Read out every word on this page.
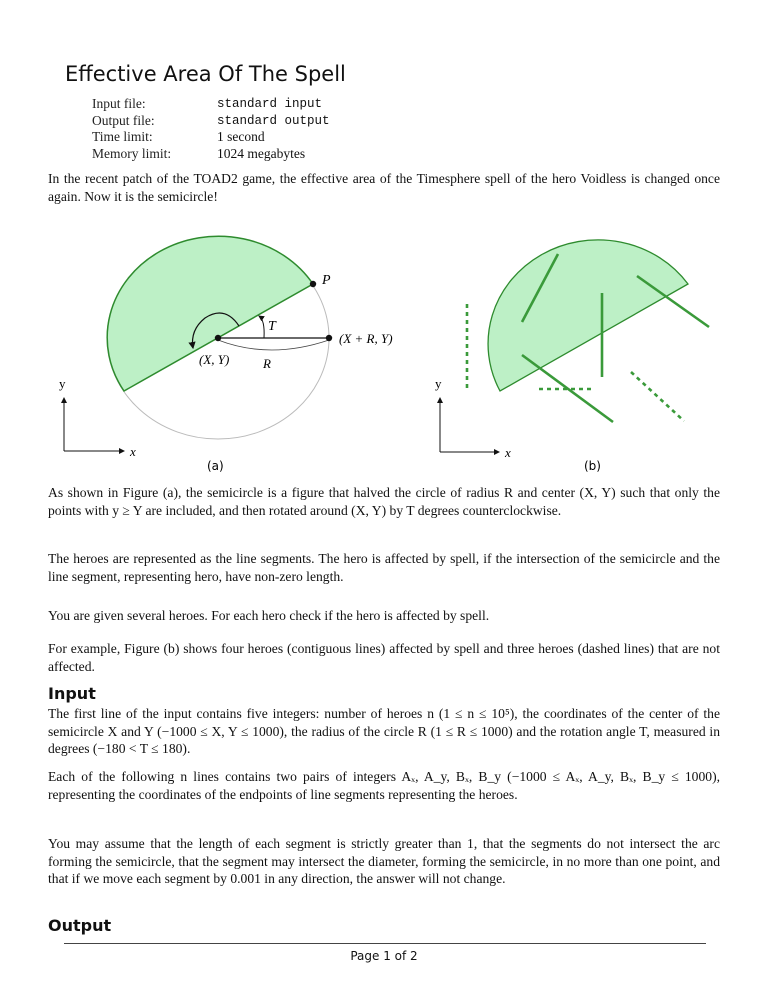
Effective Area Of The Spell
Input file:	standard input
Output file:	standard output
Time limit:	1 second
Memory limit:	1024 megabytes
In the recent patch of the TOAD2 game, the effective area of the Timesphere spell of the hero Voidless is changed once again. Now it is the semicircle!
P
T
(X + R, Y)
(X, Y)	R
y
x
(a)
y
x
(b)
As shown in Figure (a), the semicircle is a figure that halved the circle of radius R and center (X, Y) such that only the points with y ≥ Y are included, and then rotated around (X, Y) by T degrees counterclockwise.
The heroes are represented as the line segments. The hero is affected by spell, if the intersection of the semicircle and the line segment, representing hero, have non-zero length.
You are given several heroes. For each hero check if the hero is affected by spell.
For example, Figure (b) shows four heroes (contiguous lines) affected by spell and three heroes (dashed lines) that are not affected.
Input
The first line of the input contains five integers: number of heroes n (1 ≤ n ≤ 10⁵), the coordinates of the center of the semicircle X and Y (−1000 ≤ X, Y ≤ 1000), the radius of the circle R (1 ≤ R ≤ 1000) and the rotation angle T, measured in degrees (−180 < T ≤ 180).
Each of the following n lines contains two pairs of integers Aₓ, A_y, Bₓ, B_y (−1000 ≤ Aₓ, A_y, Bₓ, B_y ≤ 1000), representing the coordinates of the endpoints of line segments representing the heroes.
You may assume that the length of each segment is strictly greater than 1, that the segments do not intersect the arc forming the semicircle, that the segment may intersect the diameter, forming the semicircle, in no more than one point, and that if we move each segment by 0.001 in any direction, the answer will not change.
Output
Page 1 of 2
